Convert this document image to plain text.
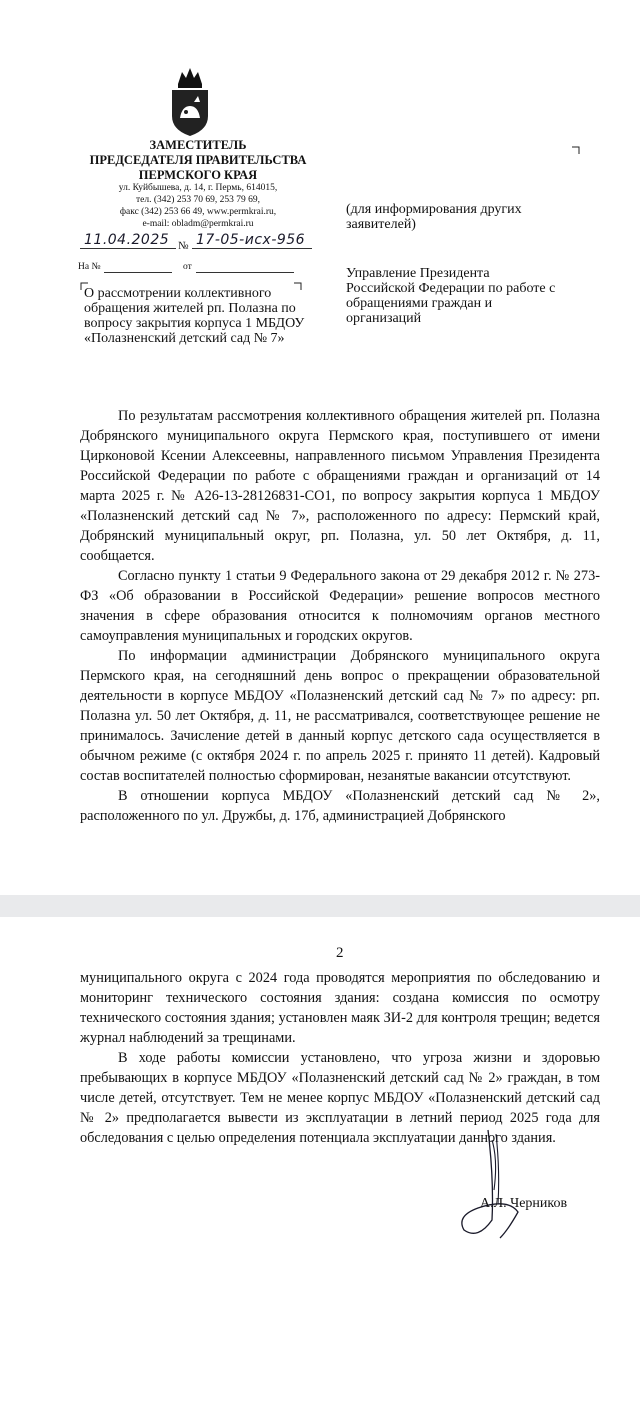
ЗАМЕСТИТЕЛЬ
ПРЕДСЕДАТЕЛЯ ПРАВИТЕЛЬСТВА
ПЕРМСКОГО КРАЯ
ул. Куйбышева, д. 14, г. Пермь, 614015,
тел. (342) 253 70 69, 253 79 69,
факс (342) 253 66 49, www.permkrai.ru,
e-mail: obladm@permkrai.ru
11.04.2025 № 17-05-исх-956
На №	от
О рассмотрении коллективного обращения жителей рп. Полазна по вопросу закрытия корпуса 1 МБДОУ «Полазненский детский сад № 7»
(для информирования других заявителей)
Управление Президента Российской Федерации по работе с обращениями граждан и организаций

По результатам рассмотрения коллективного обращения жителей рп. Полазна Добрянского муниципального округа Пермского края, поступившего от имени Цирконовой Ксении Алексеевны, направленного письмом Управления Президента Российской Федерации по работе с обращениями граждан и организаций от 14 марта 2025 г. № А26-13-28126831-СО1, по вопросу закрытия корпуса 1 МБДОУ «Полазненский детский сад № 7», расположенного по адресу: Пермский край, Добрянский муниципальный округ, рп. Полазна, ул. 50 лет Октября, д. 11, сообщается.

Согласно пункту 1 статьи 9 Федерального закона от 29 декабря 2012 г. № 273-ФЗ «Об образовании в Российской Федерации» решение вопросов местного значения в сфере образования относится к полномочиям органов местного самоуправления муниципальных и городских округов.

По информации администрации Добрянского муниципального округа Пермского края, на сегодняшний день вопрос о прекращении образовательной деятельности в корпусе МБДОУ «Полазненский детский сад № 7» по адресу: рп. Полазна ул. 50 лет Октября, д. 11, не рассматривался, соответствующее решение не принималось. Зачисление детей в данный корпус детского сада осуществляется в обычном режиме (с октября 2024 г. по апрель 2025 г. принято 11 детей). Кадровый состав воспитателей полностью сформирован, незанятые вакансии отсутствуют.

В отношении корпуса МБДОУ «Полазненский детский сад № 2», расположенного по ул. Дружбы, д. 17б, администрацией Добрянского

2

муниципального округа с 2024 года проводятся мероприятия по обследованию и мониторинг технического состояния здания: создана комиссия по осмотру технического состояния здания; установлен маяк ЗИ-2 для контроля трещин; ведется журнал наблюдений за трещинами.

В ходе работы комиссии установлено, что угроза жизни и здоровью пребывающих в корпусе МБДОУ «Полазненский детский сад № 2» граждан, в том числе детей, отсутствует. Тем не менее корпус МБДОУ «Полазненский детский сад № 2» предполагается вывести из эксплуатации в летний период 2025 года для обследования с целью определения потенциала эксплуатации данного здания.

А.Л. Черников
